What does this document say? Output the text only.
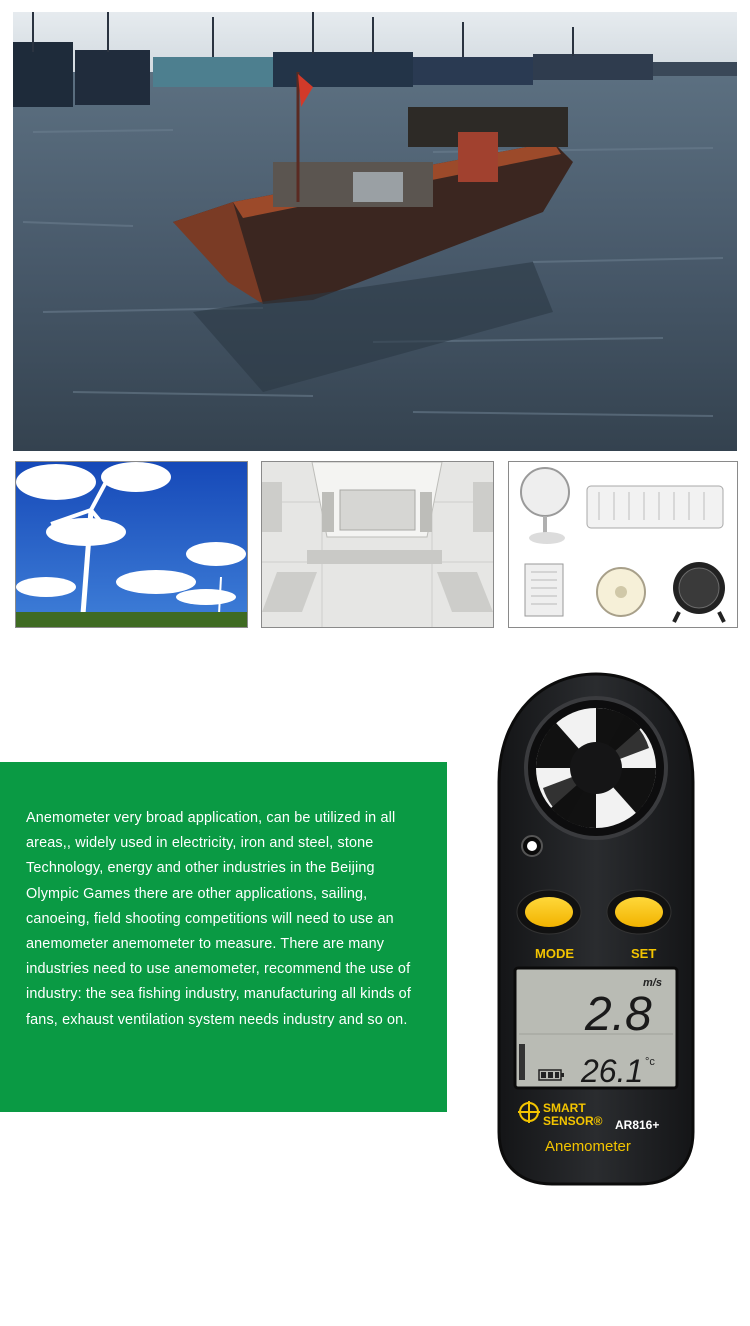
Anemometer very broad application, can be utilized in all areas,, widely used in electricity, iron and steel, stone Technology, energy and other industries in the Beijing Olympic Games there are other applications, sailing, canoeing, field shooting competitions will need to use an anemometer anemometer to measure. There are many industries need to use anemometer, recommend the use of industry: the sea fishing industry, manufacturing all kinds of fans, exhaust ventilation system needs industry and so on.

MODE	SET
m/s
2.8
26.1 °c
SMART
SENSOR® AR816+
Anemometer
